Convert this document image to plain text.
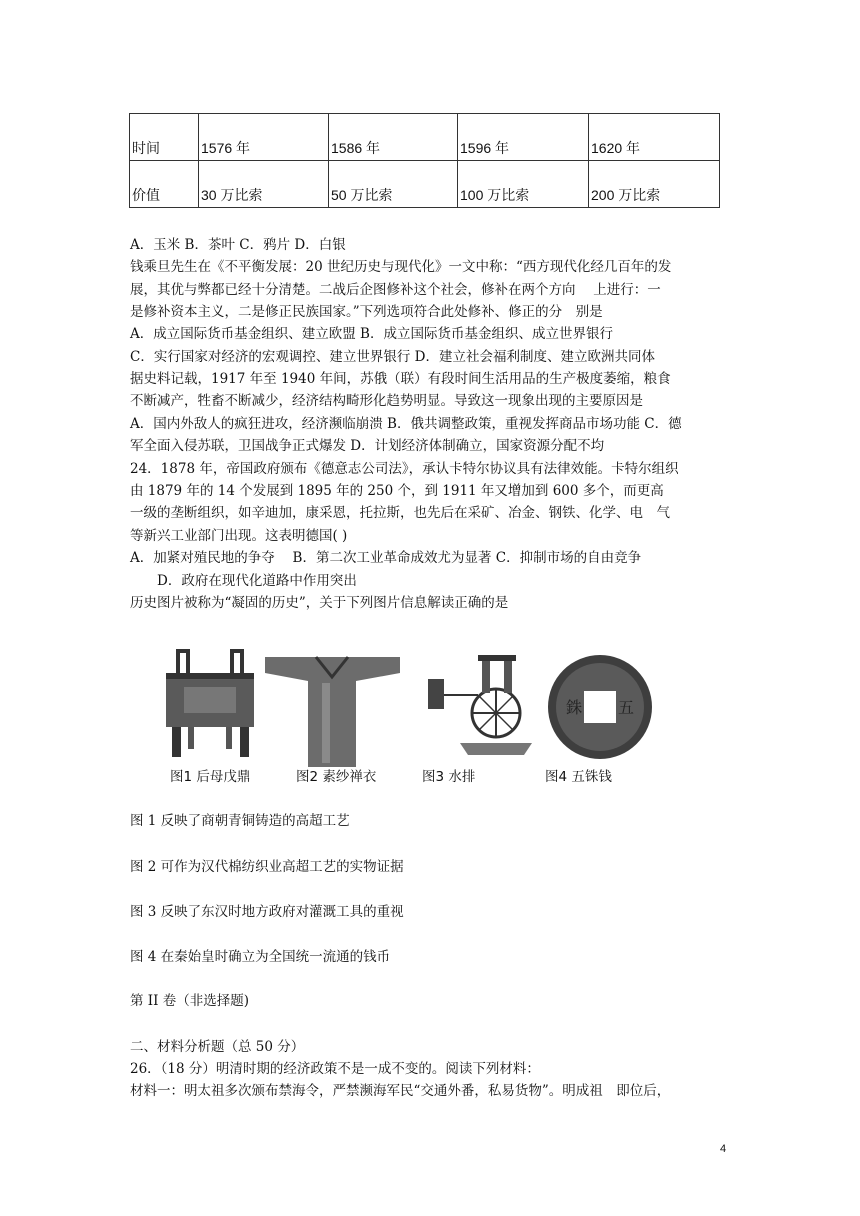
时间	1576 年	1586 年	1596 年	1620 年
价值	30 万比索	50 万比索	100 万比索	200 万比索
A．玉米 B．茶叶 C．鸦片 D．白银
钱乘旦先生在《不平衡发展：20 世纪历史与现代化》一文中称：“西方现代化经几百年的发
展，其优与弊都已经十分清楚。二战后企图修补这个社会，修补在两个方向　 上进行：一
是修补资本主义，二是修正民族国家。”下列选项符合此处修补、修正的分　别是
A．成立国际货币基金组织、建立欧盟 B．成立国际货币基金组织、成立世界银行
C．实行国家对经济的宏观调控、建立世界银行 D．建立社会福利制度、建立欧洲共同体
据史料记载，1917 年至 1940 年间，苏俄（联）有段时间生活用品的生产极度萎缩，粮食
不断减产，牲畜不断减少，经济结构畸形化趋势明显。导致这一现象出现的主要原因是
A．国内外敌人的疯狂进攻，经济濒临崩溃 B．俄共调整政策，重视发挥商品市场功能 C．德
军全面入侵苏联，卫国战争正式爆发 D．计划经济体制确立，国家资源分配不均
24．1878 年，帝国政府颁布《德意志公司法》，承认卡特尔协议具有法律效能。卡特尔组织
由 1879 年的 14 个发展到 1895 年的 250 个，到 1911 年又增加到 600 多个，而更高
一级的垄断组织，如辛迪加，康采恩，托拉斯，也先后在采矿、冶金、钢铁、化学、电　气
等新兴工业部门出现。这表明德国( )
A．加紧对殖民地的争夺　 B．第二次工业革命成效尤为显著 C．抑制市场的自由竞争
　　D．政府在现代化道路中作用突出
历史图片被称为“凝固的历史”，关于下列图片信息解读正确的是
銖 五
图1 后母戊鼎	图2 素纱禅衣	图3 水排	图4 五铢钱
图 1 反映了商朝青铜铸造的高超工艺
图 2 可作为汉代棉纺织业高超工艺的实物证据
图 3 反映了东汉时地方政府对灌溉工具的重视
图 4 在秦始皇时确立为全国统一流通的钱币
第 II 卷（非选择题)
二、材料分析题（总 50 分）
26．（18 分）明清时期的经济政策不是一成不变的。阅读下列材料：
材料一：明太祖多次颁布禁海令，严禁濒海军民“交通外番，私易货物”。明成祖　即位后，
4
